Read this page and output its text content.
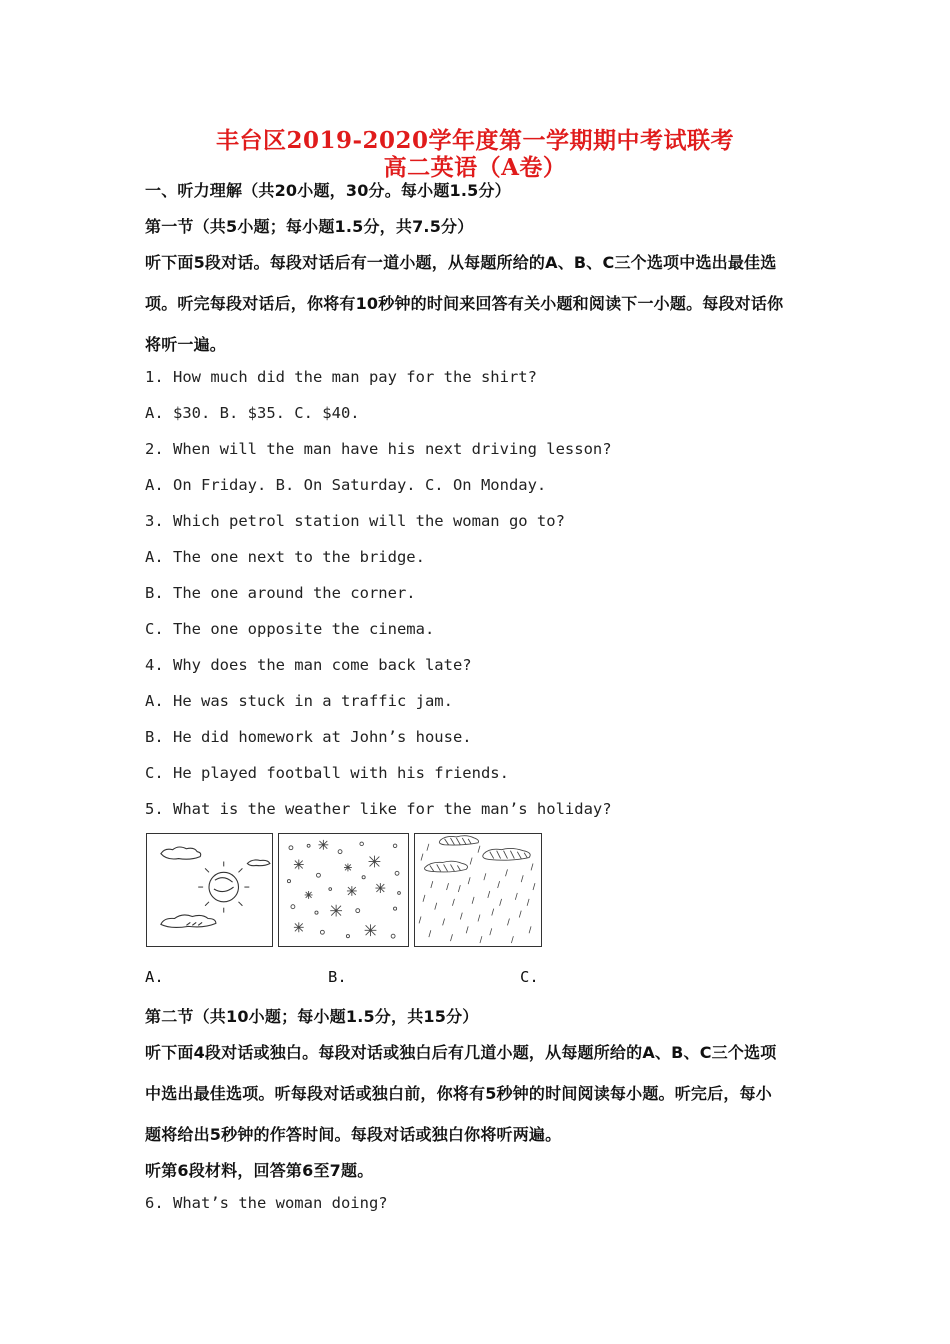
丰台区2019-2020学年度第一学期期中考试联考
高二英语（A卷）
一、听力理解（共20小题，30分。每小题1.5分）
第一节（共5小题；每小题1.5分，共7.5分）
听下面5段对话。每段对话后有一道小题，从每题所给的A、B、C三个选项中选出最佳选
项。听完每段对话后，你将有10秒钟的时间来回答有关小题和阅读下一小题。每段对话你
将听一遍。
1. How much did the man pay for the shirt?
A. $30. B. $35. C. $40.
2. When will the man have his next driving lesson?
A. On Friday. B. On Saturday. C. On Monday.
3. Which petrol station will the woman go to?
A. The one next to the bridge.
B. The one around the corner.
C. The one opposite the cinema.
4. Why does the man come back late?
A. He was stuck in a traffic jam.
B. He did homework at John’s house.
C. He played football with his friends.
5. What is the weather like for the man’s holiday?
A.	B.	C.
第二节（共10小题；每小题1.5分，共15分）
听下面4段对话或独白。每段对话或独白后有几道小题，从每题所给的A、B、C三个选项
中选出最佳选项。听每段对话或独白前，你将有5秒钟的时间阅读每小题。听完后，每小
题将给出5秒钟的作答时间。每段对话或独白你将听两遍。
听第6段材料，回答第6至7题。
6. What’s the woman doing?
